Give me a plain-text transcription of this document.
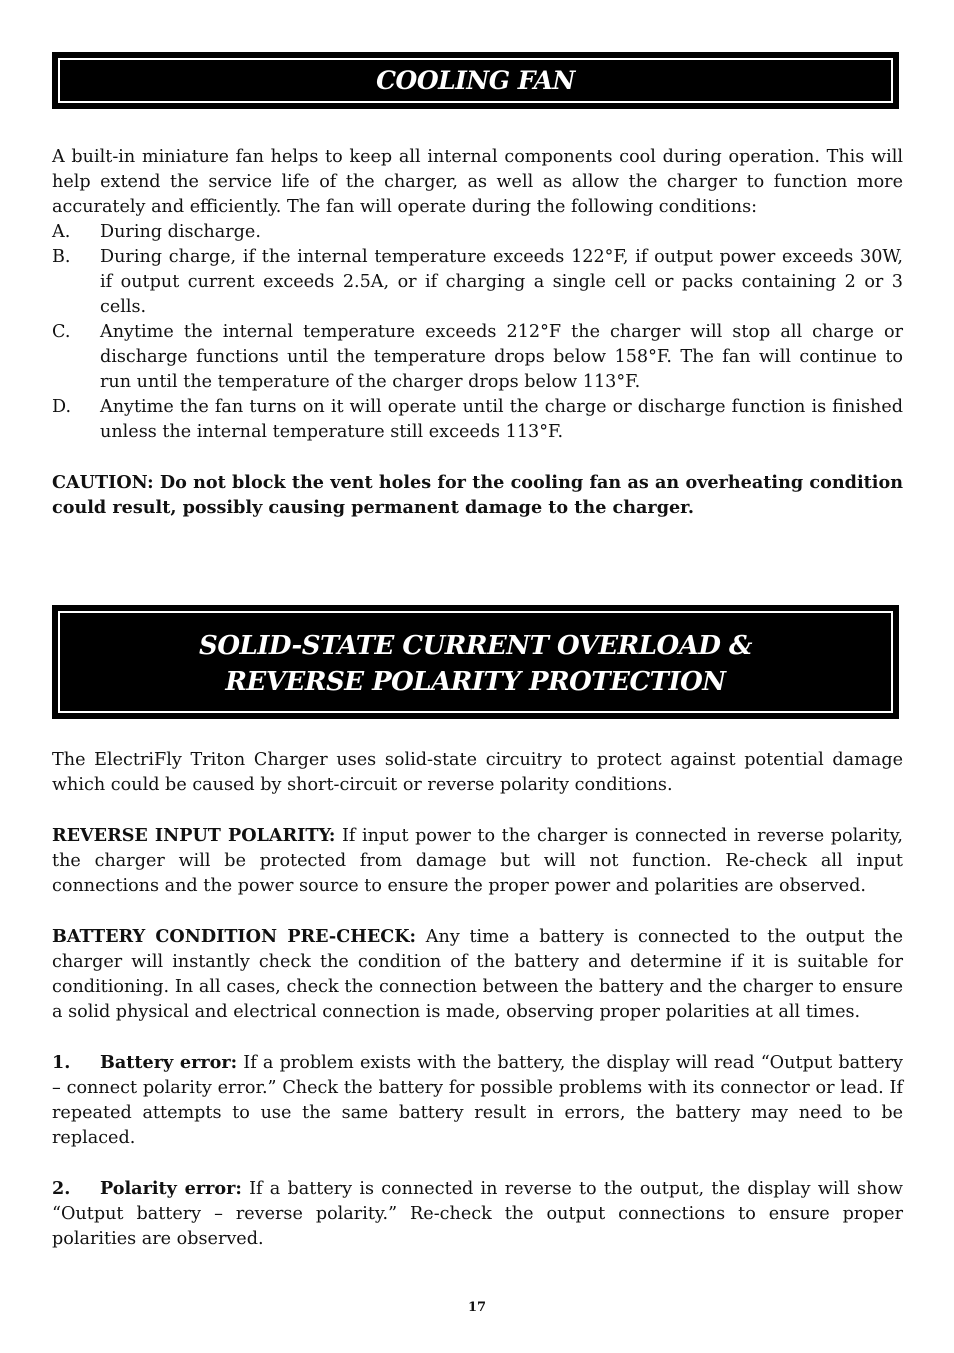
COOLING FAN

A built-in miniature fan helps to keep all internal components cool during operation. This will help extend the service life of the charger, as well as allow the charger to function more accurately and efficiently. The fan will operate during the following conditions:

A.	During discharge.
B.	During charge, if the internal temperature exceeds 122°F, if output power exceeds 30W, if output current exceeds 2.5A, or if charging a single cell or packs containing 2 or 3 cells.
C.	Anytime the internal temperature exceeds 212°F the charger will stop all charge or discharge functions until the temperature drops below 158°F. The fan will continue to run until the temperature of the charger drops below 113°F.
D.	Anytime the fan turns on it will operate until the charge or discharge function is finished unless the internal temperature still exceeds 113°F.

CAUTION: Do not block the vent holes for the cooling fan as an overheating condition could result, possibly causing permanent damage to the charger.

SOLID-STATE CURRENT OVERLOAD &
REVERSE POLARITY PROTECTION

The ElectriFly Triton Charger uses solid-state circuitry to protect against potential damage which could be caused by short-circuit or reverse polarity conditions.

REVERSE INPUT POLARITY: If input power to the charger is connected in reverse polarity, the charger will be protected from damage but will not function. Re-check all input connections and the power source to ensure the proper power and polarities are observed.

BATTERY CONDITION PRE-CHECK: Any time a battery is connected to the output the charger will instantly check the condition of the battery and determine if it is suitable for conditioning. In all cases, check the connection between the battery and the charger to ensure a solid physical and electrical connection is made, observing proper polarities at all times.

1. Battery error: If a problem exists with the battery, the display will read “Output battery – connect polarity error.” Check the battery for possible problems with its connector or lead. If repeated attempts to use the same battery result in errors, the battery may need to be replaced.

2. Polarity error: If a battery is connected in reverse to the output, the display will show “Output battery – reverse polarity.” Re-check the output connections to ensure proper polarities are observed.

17
